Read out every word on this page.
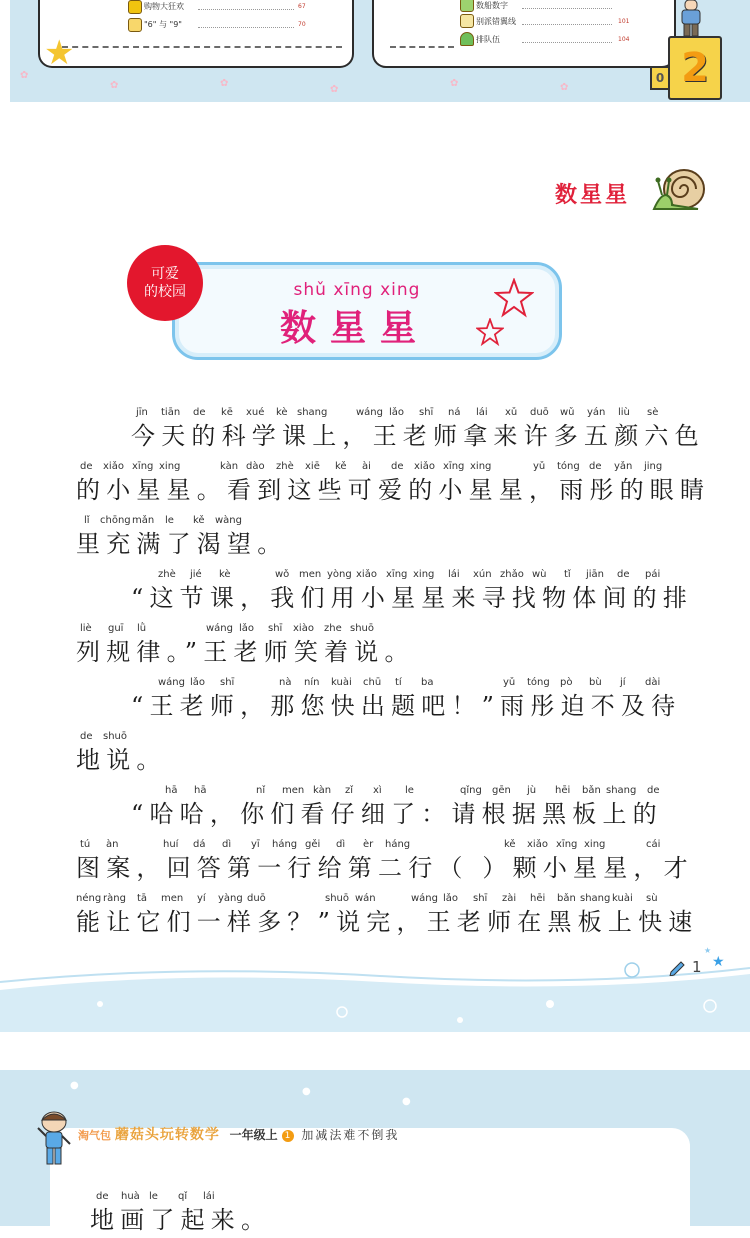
✿
✿	✿
✿
✿	✿
购物大狂欢	67
"6" 与 "9"	70
数船数字
别派错翼线	101
排队伍	104
★
0 2
数星星
可爱
的校园	shǔ xīng xing
数星星
jīn tiān de kē xué kè shang	wáng lǎo shī ná lái xǔ duō wǔ yán liù sè
今天的科学课上，王老师拿来许多五颜六色
de xiǎo xīng xing	kàn dào zhè xiē kě ài de xiǎo xīng xing	yǔ tóng de yǎn jing
的小星星。看到这些可爱的小星星，雨彤的眼睛
lǐ chōng mǎn le kě wàng
里充满了渴望。
zhè jié kè	wǒ men yòng xiǎo xīng xing lái xún zhǎo wù tǐ jiān de pái
“这节课，我们用小星星来寻找物体间的排
liè guī lǜ	wáng lǎo shī xiào zhe shuō
列规律。”王老师笑着说。
wáng lǎo shī	nà nín kuài chū tí ba	yǔ tóng pò bù jí dài
“王老师，那您快出题吧！”雨彤迫不及待
de shuō
地说。
hā hā	nǐ men kàn zǐ xì le	qǐng gēn jù hēi bǎn shang de
“哈哈，你们看仔细了：请根据黑板上的
tú àn	huí dá dì yī háng gěi dì èr háng	kě xiǎo xīng xing	cái
图案，回答第一行给第二行（ ）颗小星星，才
néng ràng tā men yí yàng duō	shuō wán	wáng lǎo shī zài hēi bǎn shang kuài sù
能让它们一样多？”说完，王老师在黑板上快速
1 ★
★
●
●
●
淘气包 蘑菇头玩转数学 一年级上 1 加减法难不倒我
de huà le qǐ lái
地画了起来。
